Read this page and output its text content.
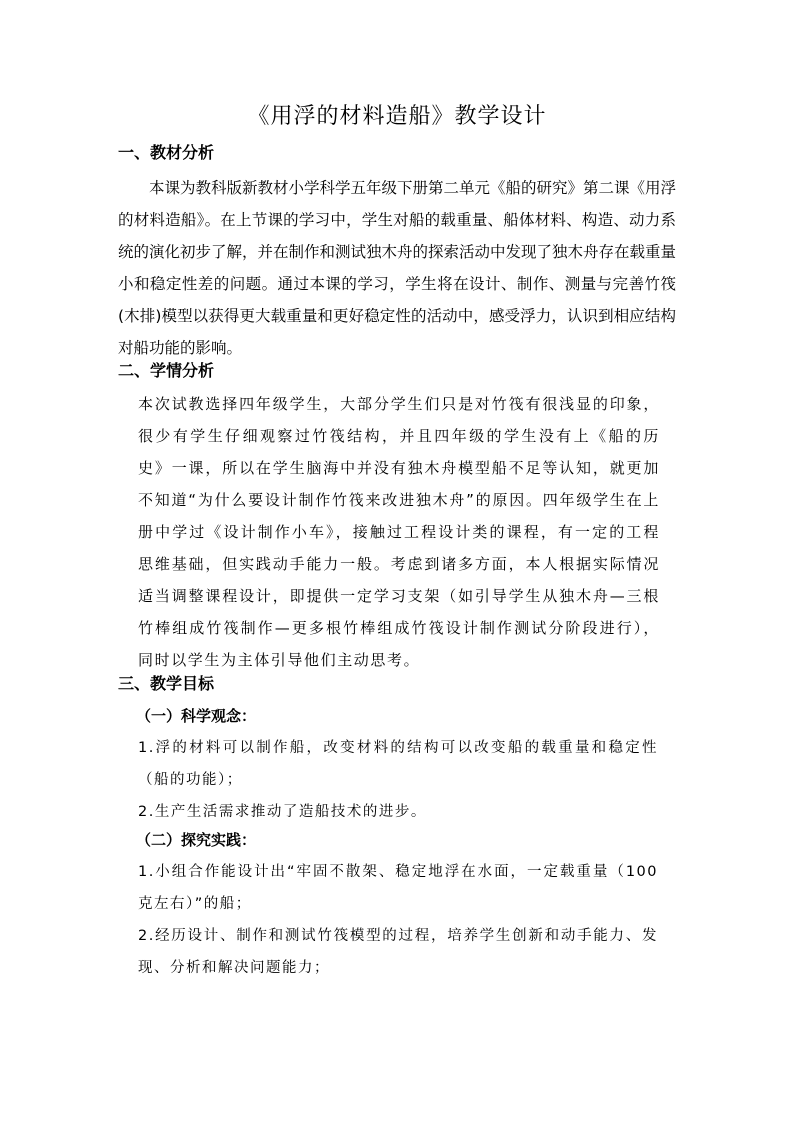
《用浮的材料造船》教学设计
一、教材分析

本课为教科版新教材小学科学五年级下册第二单元《船的研究》第二课《用浮的材料造船》。在上节课的学习中，学生对船的载重量、船体材料、构造、动力系统的演化初步了解，并在制作和测试独木舟的探索活动中发现了独木舟存在载重量小和稳定性差的问题。通过本课的学习，学生将在设计、制作、测量与完善竹筏(木排)模型以获得更大载重量和更好稳定性的活动中，感受浮力，认识到相应结构对船功能的影响。

二、学情分析

本次试教选择四年级学生，大部分学生们只是对竹筏有很浅显的印象，很少有学生仔细观察过竹筏结构，并且四年级的学生没有上《船的历史》一课，所以在学生脑海中并没有独木舟模型船不足等认知，就更加不知道“为什么要设计制作竹筏来改进独木舟”的原因。四年级学生在上册中学过《设计制作小车》，接触过工程设计类的课程，有一定的工程思维基础，但实践动手能力一般。考虑到诸多方面，本人根据实际情况适当调整课程设计，即提供一定学习支架（如引导学生从独木舟—三根竹棒组成竹筏制作—更多根竹棒组成竹筏设计制作测试分阶段进行），同时以学生为主体引导他们主动思考。

三、教学目标
（一）科学观念：

1.浮的材料可以制作船，改变材料的结构可以改变船的载重量和稳定性（船的功能）；

2.生产生活需求推动了造船技术的进步。

（二）探究实践：

1.小组合作能设计出“牢固不散架、稳定地浮在水面，一定载重量（100克左右）”的船；

2.经历设计、制作和测试竹筏模型的过程，培养学生创新和动手能力、发现、分析和解决问题能力；
